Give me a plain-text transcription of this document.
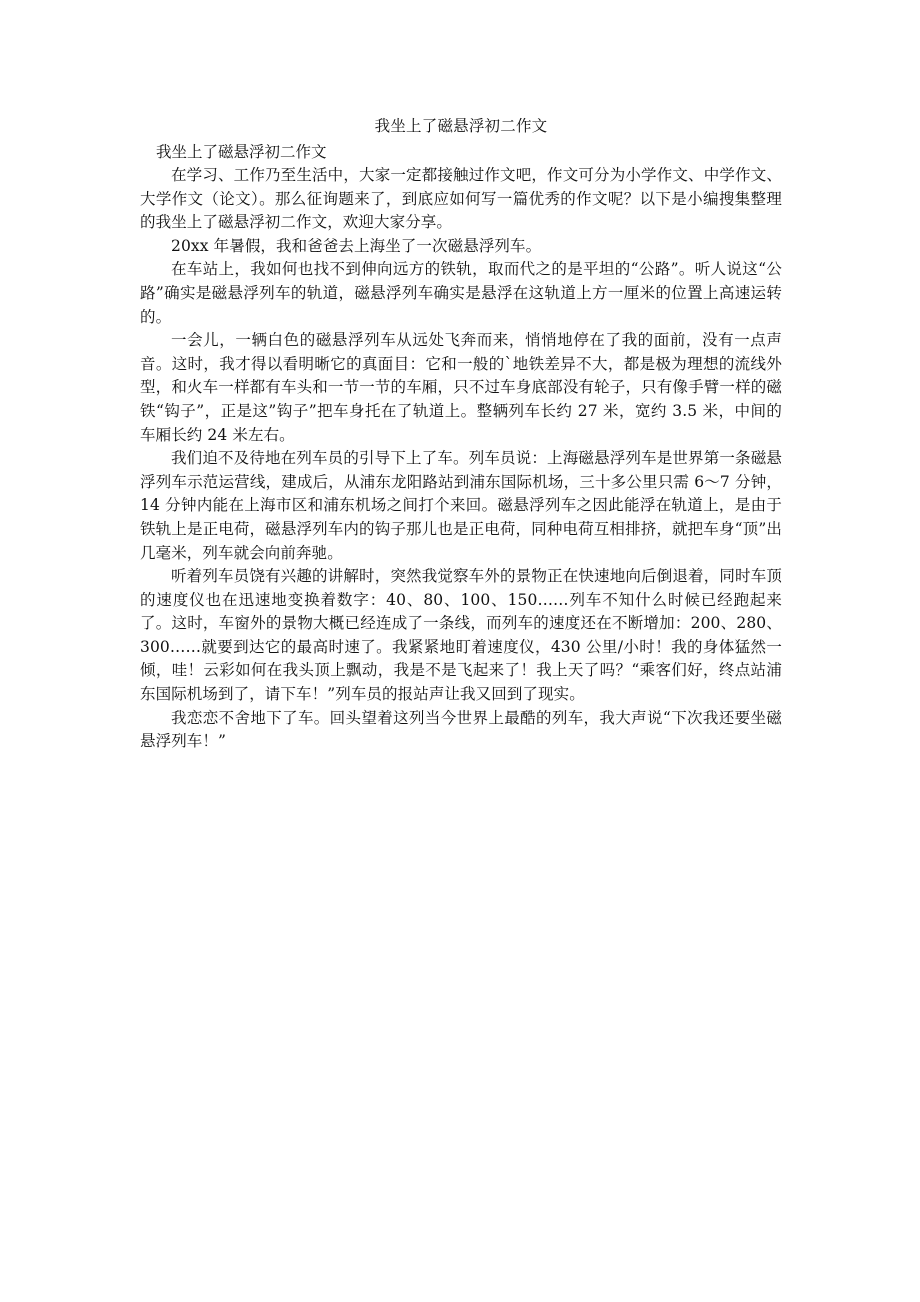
我坐上了磁悬浮初二作文
我坐上了磁悬浮初二作文

在学习、工作乃至生活中，大家一定都接触过作文吧，作文可分为小学作文、中学作文、大学作文（论文）。那么征询题来了，到底应如何写一篇优秀的作文呢？以下是小编搜集整理的我坐上了磁悬浮初二作文，欢迎大家分享。

20xx 年暑假，我和爸爸去上海坐了一次磁悬浮列车。

在车站上，我如何也找不到伸向远方的铁轨，取而代之的是平坦的“公路”。听人说这“公路”确实是磁悬浮列车的轨道，磁悬浮列车确实是悬浮在这轨道上方一厘米的位置上高速运转的。

一会儿，一辆白色的磁悬浮列车从远处飞奔而来，悄悄地停在了我的面前，没有一点声音。这时，我才得以看明晰它的真面目：它和一般的`地铁差异不大，都是极为理想的流线外型，和火车一样都有车头和一节一节的车厢，只不过车身底部没有轮子，只有像手臂一样的磁铁“钩子”，正是这”钩子”把车身托在了轨道上。整辆列车长约 27 米，宽约 3.5 米，中间的车厢长约 24 米左右。

我们迫不及待地在列车员的引导下上了车。列车员说：上海磁悬浮列车是世界第一条磁悬浮列车示范运营线，建成后，从浦东龙阳路站到浦东国际机场，三十多公里只需 6～7 分钟，14 分钟内能在上海市区和浦东机场之间打个来回。磁悬浮列车之因此能浮在轨道上，是由于铁轨上是正电荷，磁悬浮列车内的钩子那儿也是正电荷，同种电荷互相排挤，就把车身“顶”出几毫米，列车就会向前奔驰。

听着列车员饶有兴趣的讲解时，突然我觉察车外的景物正在快速地向后倒退着，同时车顶的速度仪也在迅速地变换着数字：40、80、100、150……列车不知什么时候已经跑起来了。这时，车窗外的景物大概已经连成了一条线，而列车的速度还在不断增加：200、280、300……就要到达它的最高时速了。我紧紧地盯着速度仪，430 公里/小时！我的身体猛然一倾，哇！云彩如何在我头顶上飘动，我是不是飞起来了！我上天了吗？“乘客们好，终点站浦东国际机场到了，请下车！”列车员的报站声让我又回到了现实。

我恋恋不舍地下了车。回头望着这列当今世界上最酷的列车，我大声说“下次我还要坐磁悬浮列车！”
